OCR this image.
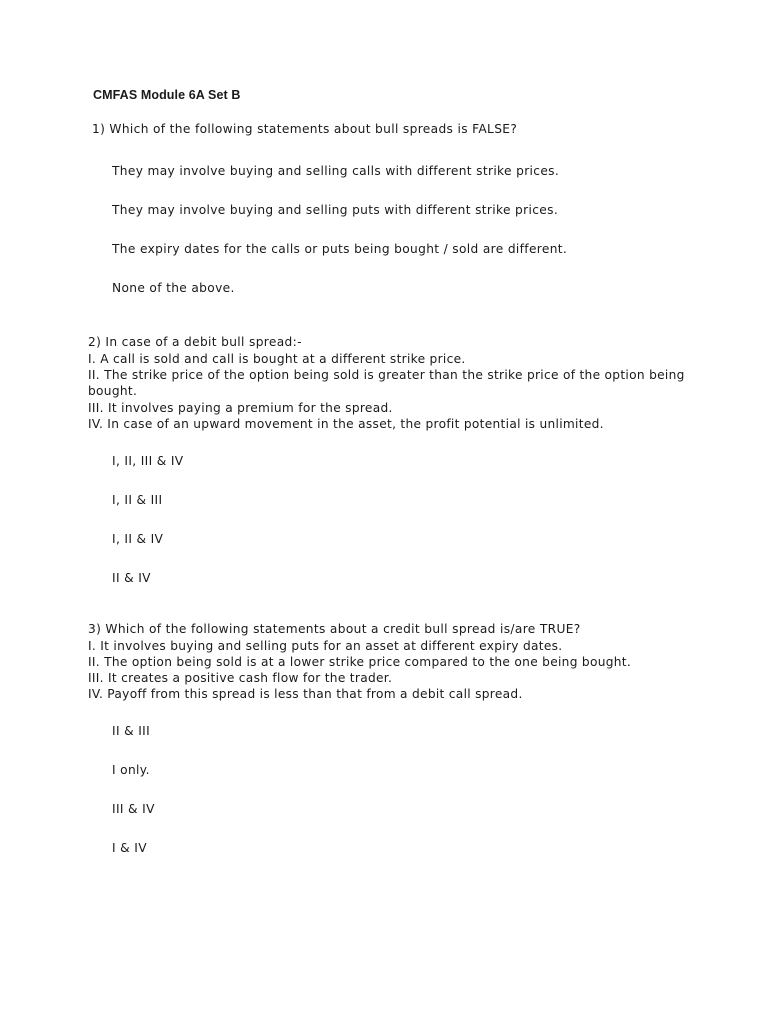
CMFAS Module 6A Set B
1) Which of the following statements about bull spreads is FALSE?
They may involve buying and selling calls with different strike prices.
They may involve buying and selling puts with different strike prices.
The expiry dates for the calls or puts being bought / sold are different.
None of the above.
2) In case of a debit bull spread:-
I. A call is sold and call is bought at a different strike price.
II. The strike price of the option being sold is greater than the strike price of the option being bought.
III. It involves paying a premium for the spread.
IV. In case of an upward movement in the asset, the profit potential is unlimited.
I, II, III & IV
I, II & III
I, II & IV
II & IV
3) Which of the following statements about a credit bull spread is/are TRUE?
I. It involves buying and selling puts for an asset at different expiry dates.
II. The option being sold is at a lower strike price compared to the one being bought.
III. It creates a positive cash flow for the trader.
IV. Payoff from this spread is less than that from a debit call spread.
II & III
I only.
III & IV
I & IV
